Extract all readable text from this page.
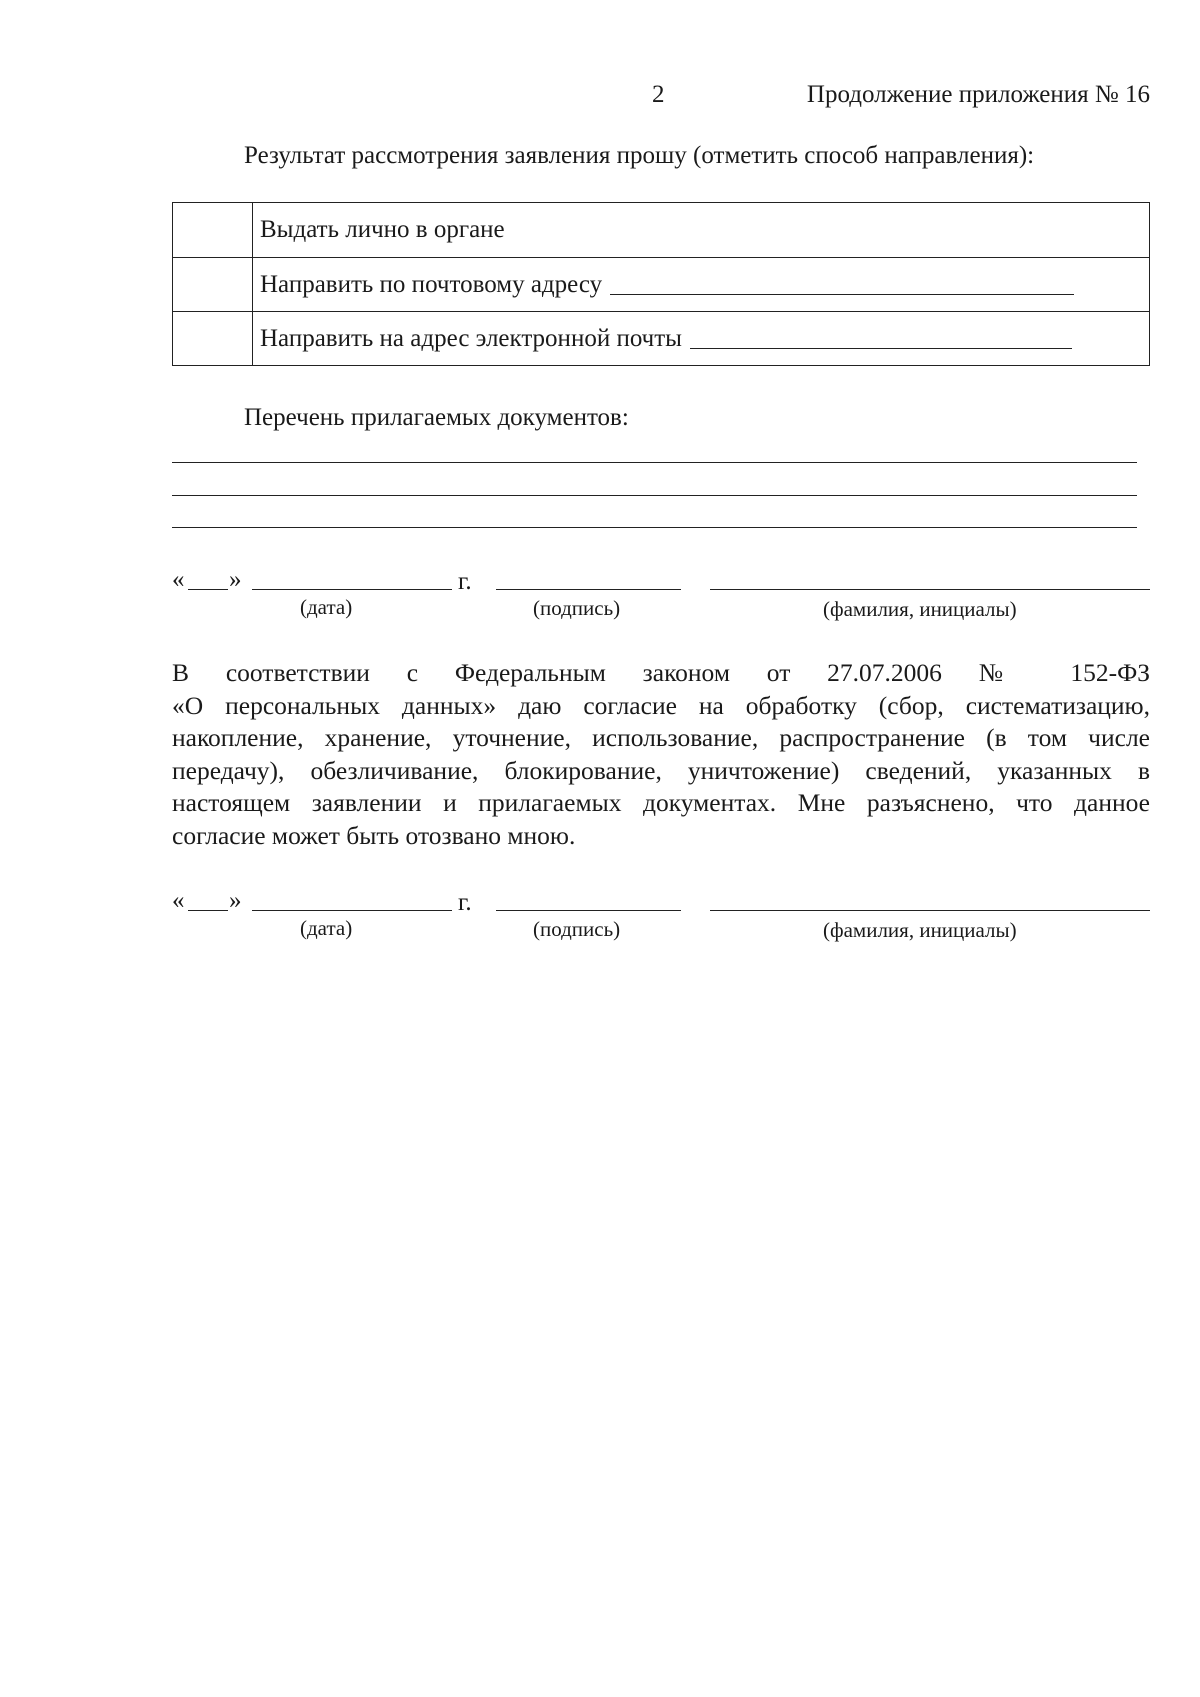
2	Продолжение приложения № 16
Результат рассмотрения заявления прошу (отметить способ направления):
Выдать лично в органе
Направить по почтовому адресу
Направить на адрес электронной почты
Перечень прилагаемых документов:
« »	г.
(дата)	(подпись)	(фамилия, инициалы)
В соответствии с Федеральным законом от 27.07.2006 № 152-ФЗ
«О персональных данных» даю согласие на обработку (сбор, систематизацию,
накопление, хранение, уточнение, использование, распространение (в том числе
передачу), обезличивание, блокирование, уничтожение) сведений, указанных в
настоящем заявлении и прилагаемых документах. Мне разъяснено, что данное
согласие может быть отозвано мною.
« »	г.
(дата)	(подпись)	(фамилия, инициалы)
